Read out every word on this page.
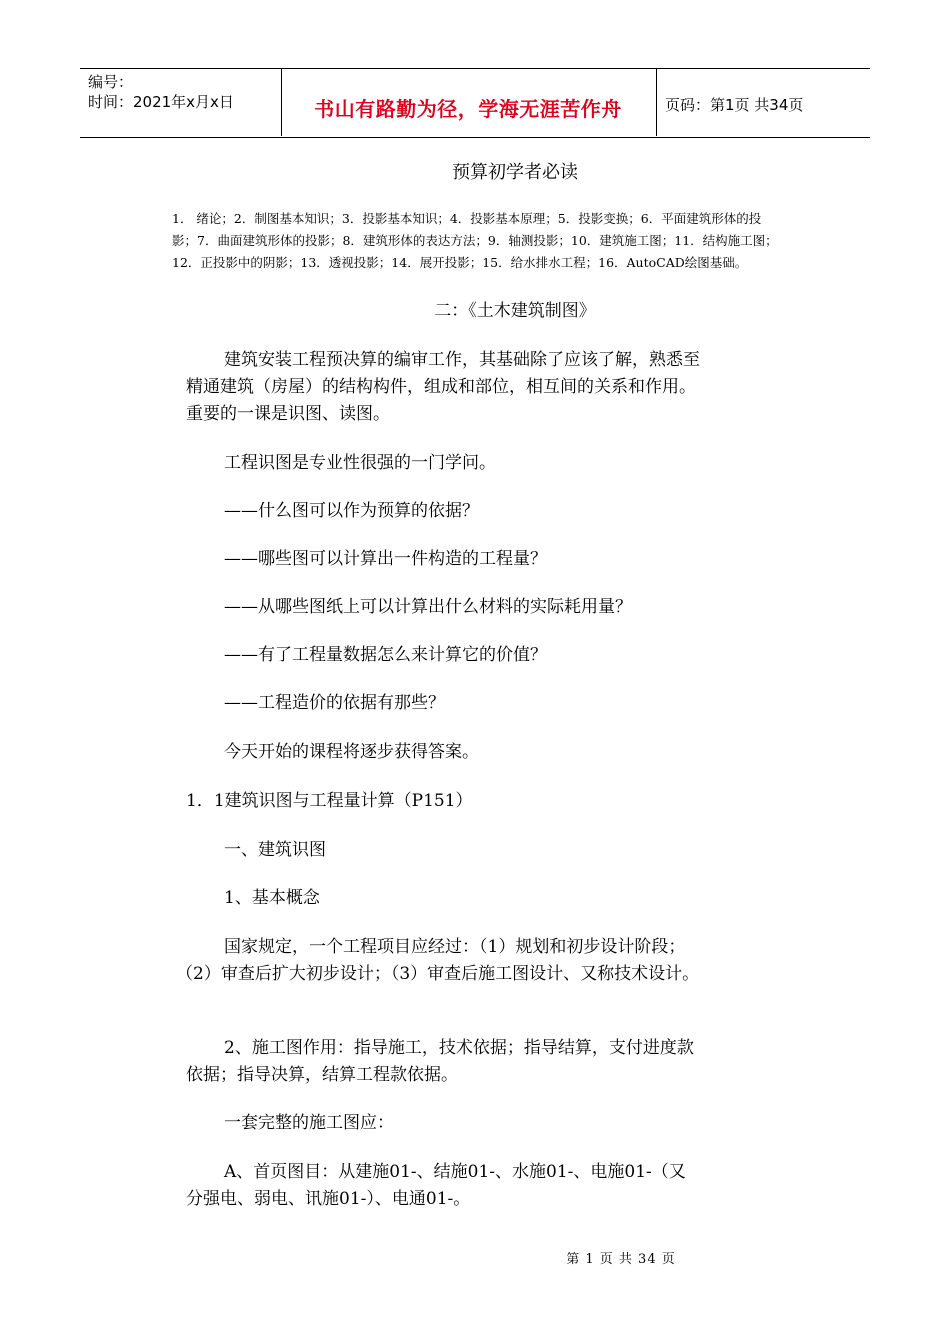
编号：
时间：2021年x月x日	书山有路勤为径，学海无涯苦作舟	页码：第1页 共34页
预算初学者必读
1． 绪论；2．制图基本知识；3．投影基本知识；4．投影基本原理；5．投影变换；6．平面建筑形体的投
影；7．曲面建筑形体的投影；8．建筑形体的表达方法；9．轴测投影；10．建筑施工图；11．结构施工图；
12．正投影中的阴影；13．透视投影；14．展开投影；15．给水排水工程；16．AutoCAD绘图基础。
二：《土木建筑制图》
建筑安装工程预决算的编审工作，其基础除了应该了解，熟悉至
精通建筑（房屋）的结构构件，组成和部位，相互间的关系和作用。
重要的一课是识图、读图。
工程识图是专业性很强的一门学问。
——什么图可以作为预算的依据？
——哪些图可以计算出一件构造的工程量？
——从哪些图纸上可以计算出什么材料的实际耗用量？
——有了工程量数据怎么来计算它的价值？
——工程造价的依据有那些？
今天开始的课程将逐步获得答案。
1．1建筑识图与工程量计算（P151）
一、建筑识图
1、基本概念
国家规定，一个工程项目应经过：（1）规划和初步设计阶段；
（2）审查后扩大初步设计；（3）审查后施工图设计、又称技术设计。
2、施工图作用：指导施工，技术依据；指导结算，支付进度款
依据；指导决算，结算工程款依据。
一套完整的施工图应：
A、首页图目：从建施01-、结施01-、水施01-、电施01-（又
分强电、弱电、讯施01-）、电通01-。
第 1 页 共 34 页
